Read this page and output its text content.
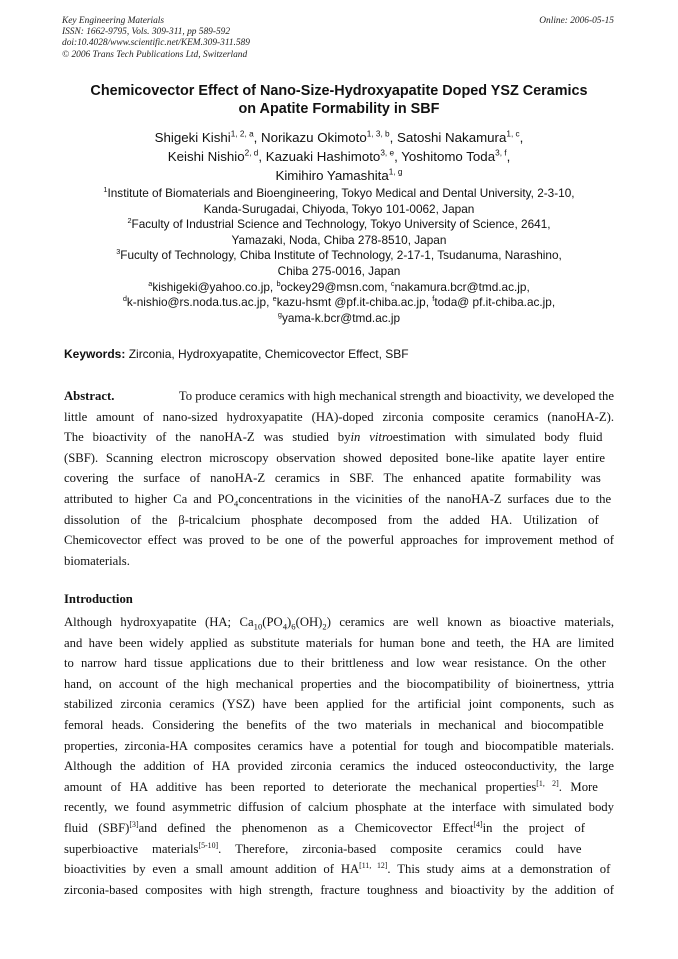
Key Engineering Materials
ISSN: 1662-9795, Vols. 309-311, pp 589-592
doi:10.4028/www.scientific.net/KEM.309-311.589
© 2006 Trans Tech Publications Ltd, Switzerland
Online: 2006-05-15
Chemicovector Effect of Nano-Size-Hydroxyapatite Doped YSZ Ceramics
on Apatite Formability in SBF
Shigeki Kishi$^{1, 2, a}$, Norikazu Okimoto$^{1, 3, b}$, Satoshi Nakamura$^{1, c}$,
Keishi Nishio$^{2, d}$, Kazuaki Hashimoto$^{3, e}$, Yoshitomo Toda$^{3, f}$,
Kimihiro Yamashita$^{1, g}$
$^1$Institute of Biomaterials and Bioengineering, Tokyo Medical and Dental University, 2-3-10,
Kanda-Surugadai, Chiyoda, Tokyo 101-0062, Japan
$^2$Faculty of Industrial Science and Technology, Tokyo University of Science, 2641,
Yamazaki, Noda, Chiba 278-8510, Japan
$^3$Fuculty of Technology, Chiba Institute of Technology, 2-17-1, Tsudanuma, Narashino,
Chiba 275-0016, Japan
$^a$kishigeki@yahoo.co.jp, $^b$ockey29@msn.com, $^c$nakamura.bcr@tmd.ac.jp,
$^d$k-nishio@rs.noda.tus.ac.jp, $^e$kazu-hsmt @pf.it-chiba.ac.jp, $^f$toda@ pf.it-chiba.ac.jp,
$^g$yama-k.bcr@tmd.ac.jp
Keywords: Zirconia, Hydroxyapatite, Chemicovector Effect, SBF
Abstract.	To produce ceramics with high mechanical strength and bioactivity, we developed the
little amount of nano-sized hydroxyapatite (HA)-doped zirconia composite ceramics (nanoHA-Z).
The bioactivity of the nanoHA-Z was studied byin vitroestimation with simulated body fluid
(SBF). Scanning electron microscopy observation showed deposited bone-like apatite layer entire
covering the surface of nanoHA-Z ceramics in SBF. The enhanced apatite formability was
attributed to higher Ca and $PO_4concentrations$ in the vicinities of the nanoHA-Z surfaces due to the
dissolution of the β-tricalcium phosphate decomposed from the added HA. Utilization of
Chemicovector effect was proved to be one of the powerful approaches for improvement method of
biomaterials.
Introduction
Although hydroxyapatite (HA; $Ca_{10}(PO_4)_6(OH)_2$) ceramics are well known as bioactive materials,
and have been widely applied as substitute materials for human bone and teeth, the HA are limited
to narrow hard tissue applications due to their brittleness and low wear resistance. On the other
hand, on account of the high mechanical properties and the biocompatibility of bioinertness, yttria
stabilized zirconia ceramics (YSZ) have been applied for the artificial joint components, such as
femoral heads. Considering the benefits of the two materials in mechanical and biocompatible
properties, zirconia-HA composites ceramics have a potential for tough and biocompatible materials.
Although the addition of HA provided zirconia ceramics the induced osteoconductivity, the large
amount of HA additive has been reported to deteriorate the mechanical properties[1, 2]. More
recently, we found asymmetric diffusion of calcium phosphate at the interface with simulated body
fluid (SBF)[3]and defined the phenomenon as a Chemicovector Effect[4]in the project of
superbioactive materials[5-10]. Therefore, zirconia-based composite ceramics could have
bioactivities by even a small amount addition of HA[11, 12]. This study aims at a demonstration of
zirconia-based composites with high strength, fracture toughness and bioactivity by the addition of
